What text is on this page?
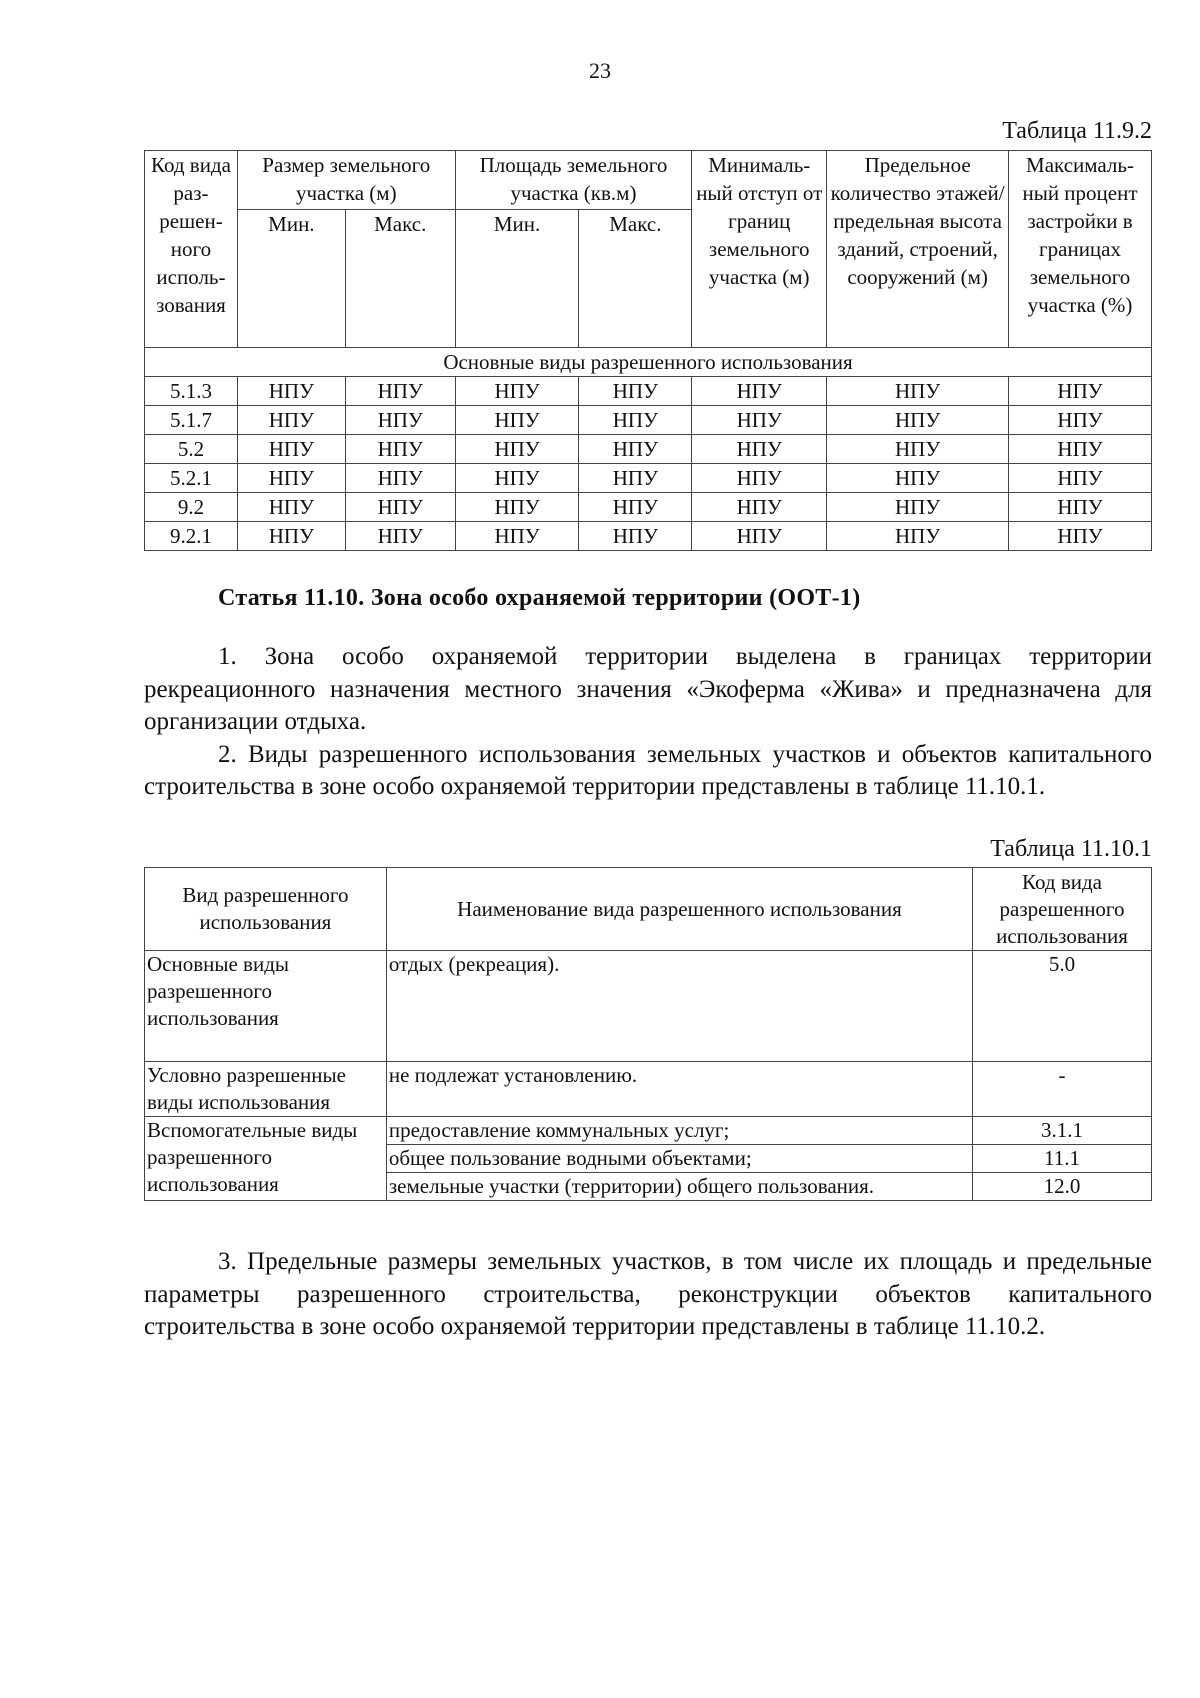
23
Таблица 11.9.2
Код вида раз-решен-ного исполь-зования	Размер земельного участка (м)		Площадь земельного участка (кв.м)		Минималь-ный отступ от границ земельного участка (м)	Предельное количество этажей/ предельная высота зданий, строений, сооружений (м)	Максималь-ный процент застройки в границах земельного участка (%)
	Мин.	Макс.	Мин.	Макс.			
Основные виды разрешенного использования							
5.1.3	НПУ	НПУ	НПУ	НПУ	НПУ	НПУ	НПУ
5.1.7	НПУ	НПУ	НПУ	НПУ	НПУ	НПУ	НПУ
5.2	НПУ	НПУ	НПУ	НПУ	НПУ	НПУ	НПУ
5.2.1	НПУ	НПУ	НПУ	НПУ	НПУ	НПУ	НПУ
9.2	НПУ	НПУ	НПУ	НПУ	НПУ	НПУ	НПУ
9.2.1	НПУ	НПУ	НПУ	НПУ	НПУ	НПУ	НПУ
Статья 11.10. Зона особо охраняемой территории (ООТ-1)

1. Зона особо охраняемой территории выделена в границах территории рекреационного назначения местного значения «Экоферма «Жива» и предназначена для организации отдыха.

2. Виды разрешенного использования земельных участков и объектов капитального строительства в зоне особо охраняемой территории представлены в таблице 11.10.1.

Таблица 11.10.1
Вид разрешенного использования	Наименование вида разрешенного использования	Код вида разрешенного использования
Основные виды разрешенного использования	отдых (рекреация).	5.0
Условно разрешенные виды использования	не подлежат установлению.	-
Вспомогательные виды разрешенного использования	предоставление коммунальных услуг;	3.1.1
	общее пользование водными объектами;	11.1
	земельные участки (территории) общего пользования.	12.0

3. Предельные размеры земельных участков, в том числе их площадь и предельные параметры разрешенного строительства, реконструкции объектов капитального строительства в зоне особо охраняемой территории представлены в таблице 11.10.2.
